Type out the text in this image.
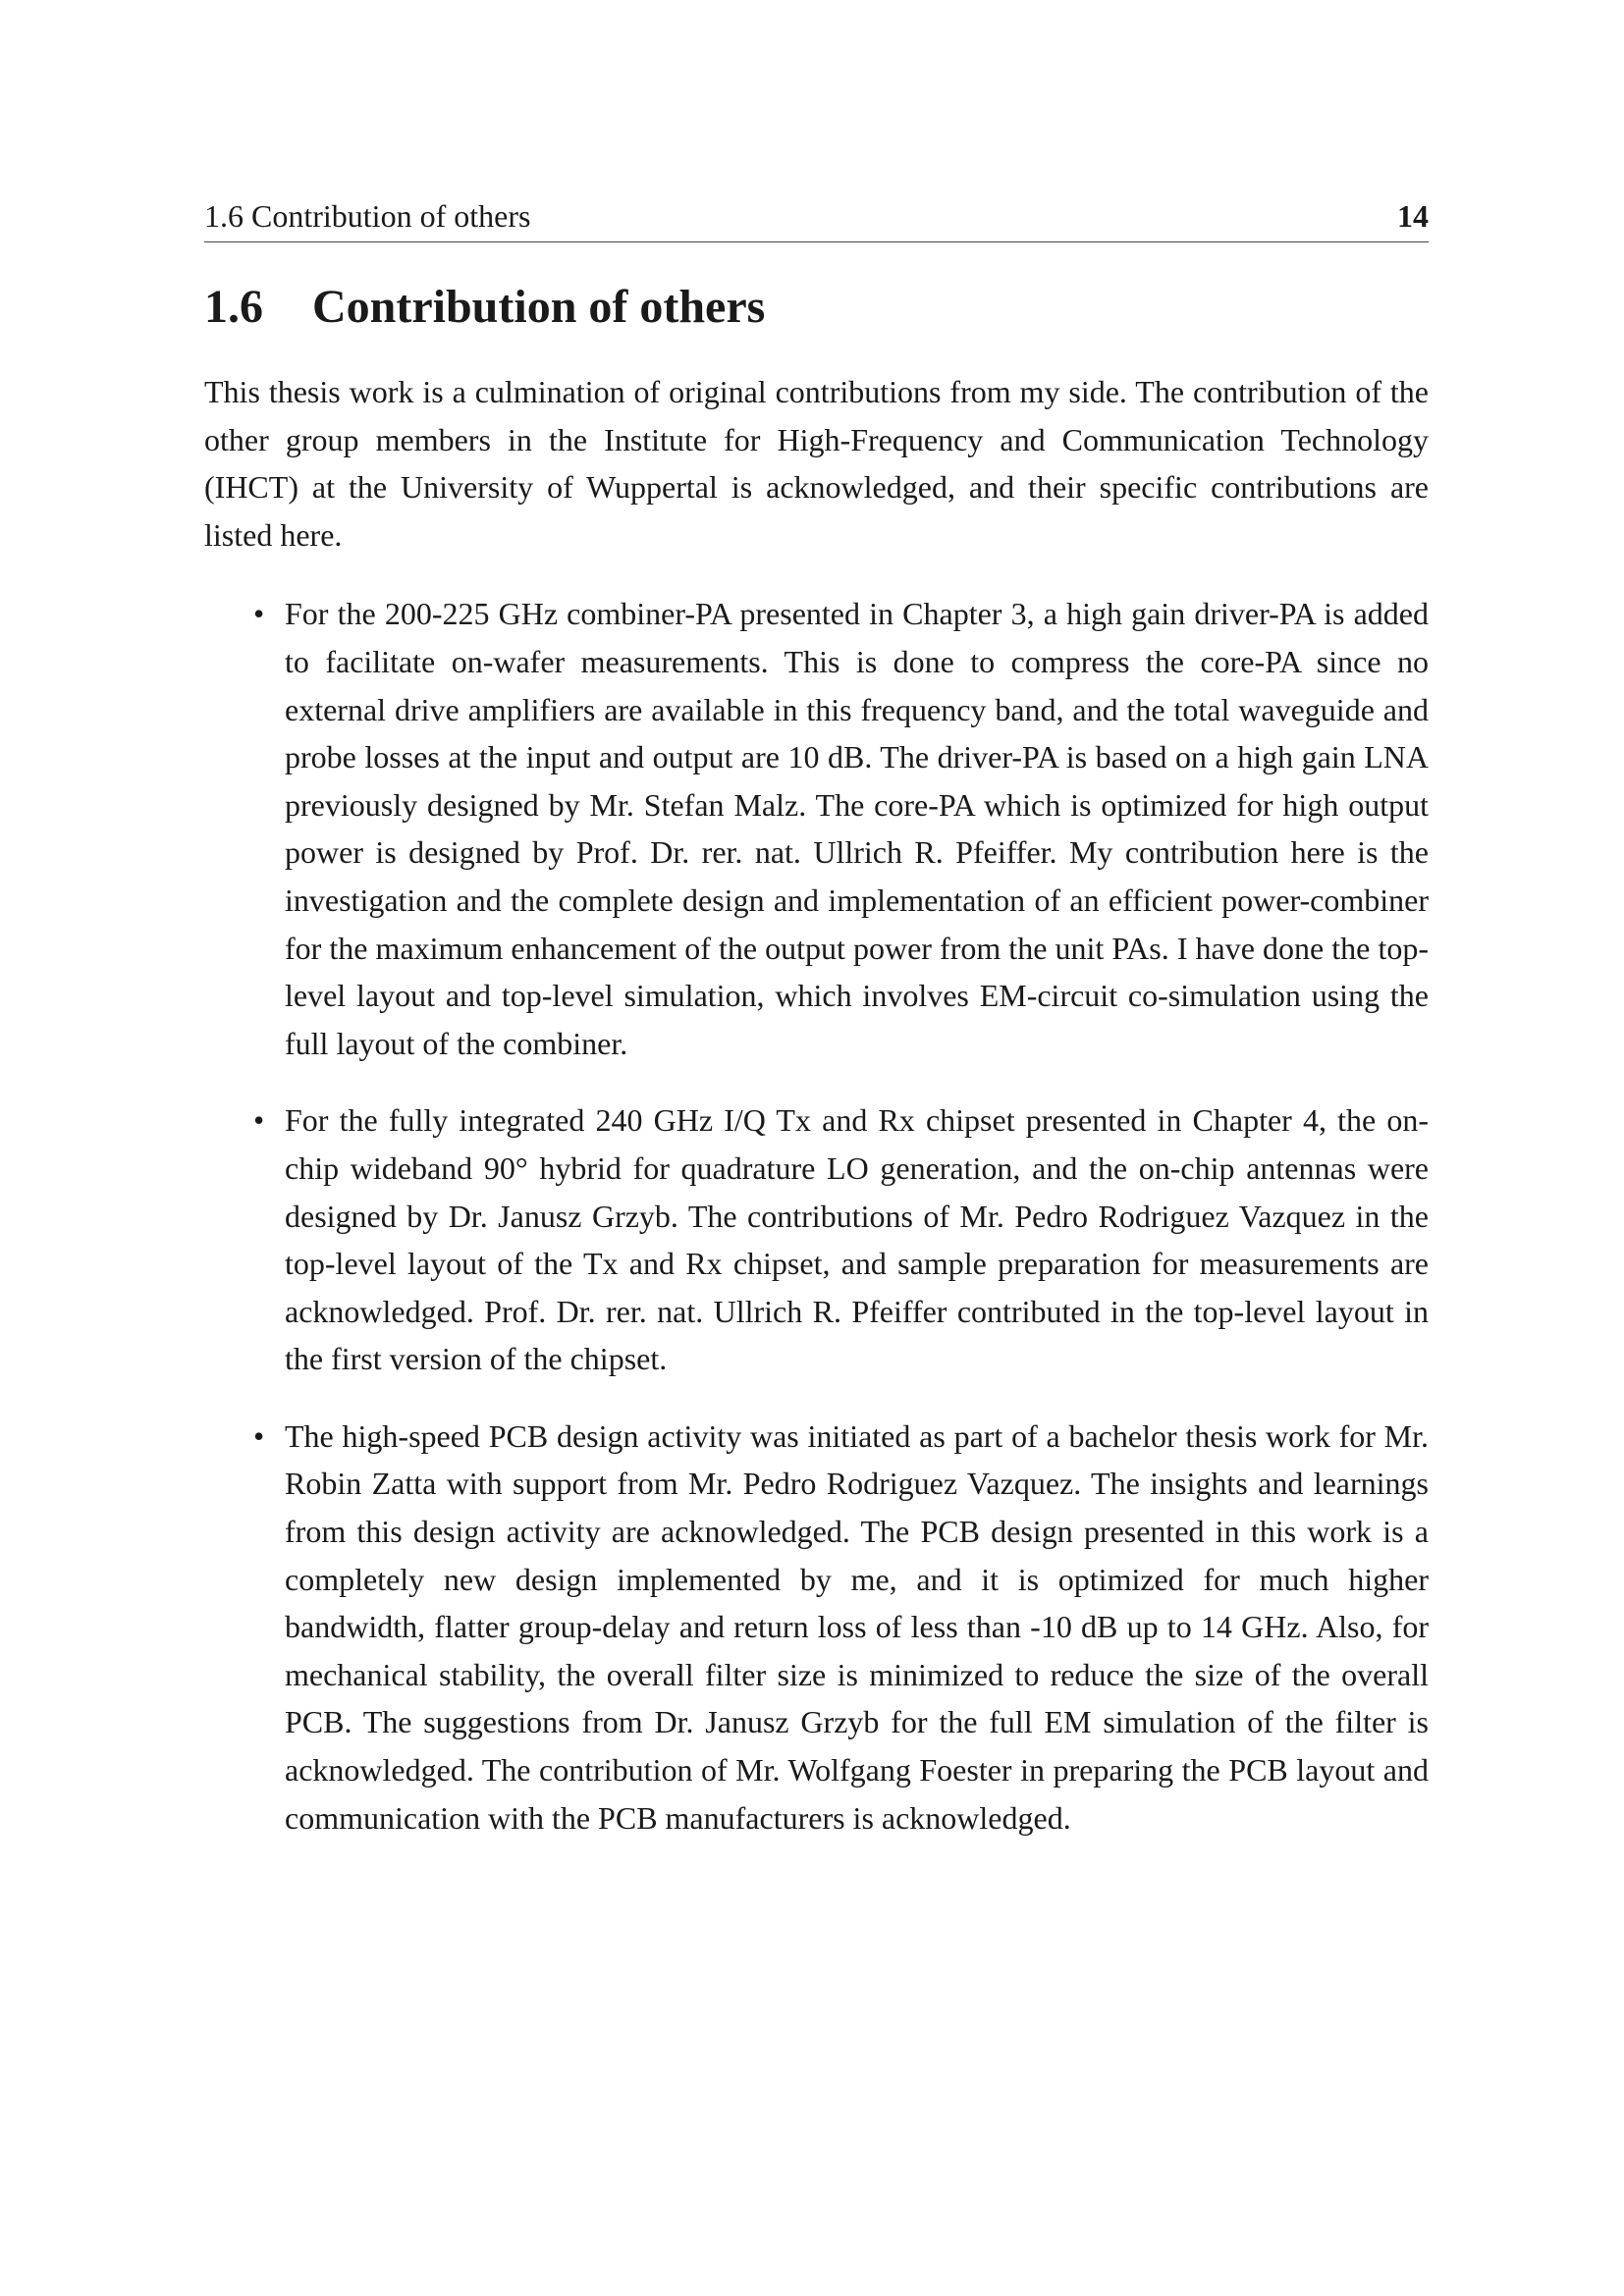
1.6 Contribution of others	14
1.6	Contribution of others

This thesis work is a culmination of original contributions from my side. The contribution of the other group members in the Institute for High-Frequency and Communication Technology (IHCT) at the University of Wuppertal is acknowledged, and their specific contributions are listed here.

• For the 200-225 GHz combiner-PA presented in Chapter 3, a high gain driver-PA is added to facilitate on-wafer measurements. This is done to compress the core-PA since no external drive amplifiers are available in this frequency band, and the total waveguide and probe losses at the input and output are 10 dB. The driver-PA is based on a high gain LNA previously designed by Mr. Stefan Malz. The core-PA which is optimized for high output power is designed by Prof. Dr. rer. nat. Ullrich R. Pfeiffer. My contribution here is the investigation and the complete design and implementation of an efficient power-combiner for the maximum enhancement of the output power from the unit PAs. I have done the top-level layout and top-level simulation, which involves EM-circuit co-simulation using the full layout of the combiner.
• For the fully integrated 240 GHz I/Q Tx and Rx chipset presented in Chapter 4, the on-chip wideband 90° hybrid for quadrature LO generation, and the on-chip antennas were designed by Dr. Janusz Grzyb. The contributions of Mr. Pedro Rodriguez Vazquez in the top-level layout of the Tx and Rx chipset, and sample preparation for measurements are acknowledged. Prof. Dr. rer. nat. Ullrich R. Pfeiffer contributed in the top-level layout in the first version of the chipset.
• The high-speed PCB design activity was initiated as part of a bachelor thesis work for Mr. Robin Zatta with support from Mr. Pedro Rodriguez Vazquez. The insights and learnings from this design activity are acknowledged. The PCB design presented in this work is a completely new design implemented by me, and it is optimized for much higher bandwidth, flatter group-delay and return loss of less than -10 dB up to 14 GHz. Also, for mechanical stability, the overall filter size is minimized to reduce the size of the overall PCB. The suggestions from Dr. Janusz Grzyb for the full EM simulation of the filter is acknowledged. The contribution of Mr. Wolfgang Foester in preparing the PCB layout and communication with the PCB manufacturers is acknowledged.
